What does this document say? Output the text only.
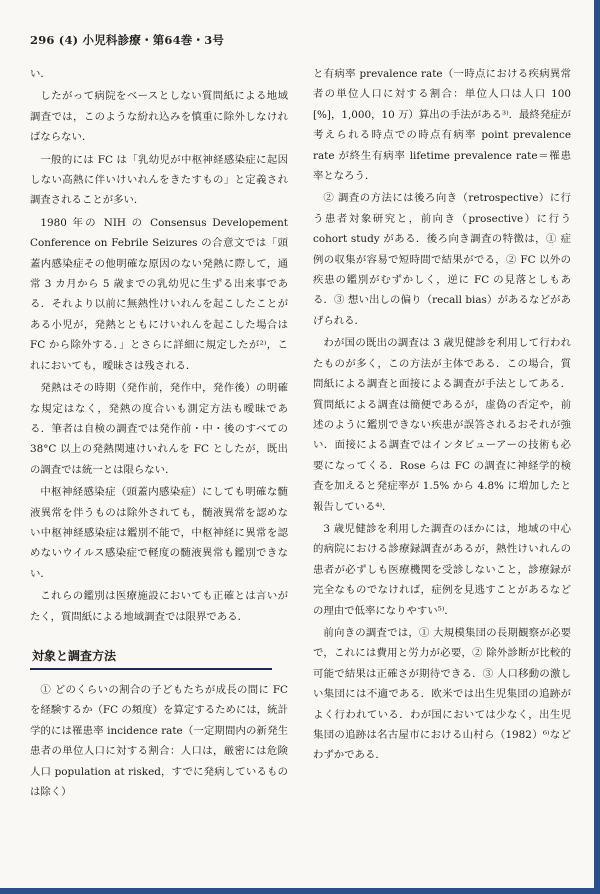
296 (4) 小児科診療・第64巻・3号

い．

したがって病院をベースとしない質問紙による地域調査では，このような紛れ込みを慎重に除外しなければならない．

一般的には FC は「乳幼児が中枢神経感染症に起因しない高熱に伴いけいれんをきたすもの」と定義され調査されることが多い．

1980 年の NIH の Consensus Developement Conference on Febrile Seizures の合意文では「頭蓋内感染症その他明確な原因のない発熱に際して，通常 3 カ月から 5 歳までの乳幼児に生ずる出来事である．それより以前に無熱性けいれんを起こしたことがある小児が，発熱とともにけいれんを起こした場合は FC から除外する．」とさらに詳細に規定したが²⁾，これにおいても，曖昧さは残される．

発熱はその時期（発作前，発作中，発作後）の明確な規定はなく，発熱の度合いも測定方法も曖昧である．筆者は自検の調査では発作前・中・後のすべての 38°C 以上の発熱関連けいれんを FC としたが，既出の調査では統一とは限らない．

中枢神経感染症（頭蓋内感染症）にしても明確な髄液異常を伴うものは除外されても，髄液異常を認めない中枢神経感染症は鑑別不能で，中枢神経に異常を認めないウイルス感染症で軽度の髄液異常も鑑別できない．

これらの鑑別は医療施設においても正確とは言いがたく，質問紙による地域調査では限界である．

対象と調査方法

① どのくらいの割合の子どもたちが成長の間に FC を経験するか（FC の頻度）を算定するためには，統計学的には罹患率 incidence rate（一定期間内の新発生患者の単位人口に対する割合：人口は，厳密には危険人口 population at risked，すでに発病しているものは除く）

と有病率 prevalence rate（一時点における疾病異常者の単位人口に対する割合：単位人口は人口 100 [%]，1,000，10 万）算出の手法がある³⁾．最終発症が考えられる時点での時点有病率 point prevalence rate が終生有病率 lifetime prevalence rate＝罹患率となろう．

② 調査の方法には後ろ向き（retrospective）に行う患者対象研究と，前向き（prosective）に行う cohort study がある．後ろ向き調査の特徴は，① 症例の収集が容易で短時間で結果がでる，② FC 以外の疾患の鑑別がむずかしく，逆に FC の見落としもある．③ 想い出しの偏り（recall bias）があるなどがあげられる．

わが国の既出の調査は 3 歳児健診を利用して行われたものが多く，この方法が主体である．この場合，質問紙による調査と面接による調査が手法としてある．質問紙による調査は簡便であるが，虚偽の否定や，前述のように鑑別できない疾患が誤答されるおそれが強い．面接による調査ではインタビューアーの技術も必要になってくる．Rose らは FC の調査に神経学的検査を加えると発症率が 1.5% から 4.8% に増加したと報告している⁴⁾．

3 歳児健診を利用した調査のほかには，地域の中心的病院における診療録調査があるが，熱性けいれんの患者が必ずしも医療機関を受診しないこと，診療録が完全なものでなければ，症例を見逃すことがあるなどの理由で低率になりやすい⁵⁾．

前向きの調査では，① 大規模集団の長期観察が必要で，これには費用と労力が必要，② 除外診断が比較的可能で結果は正確さが期待できる．③ 人口移動の激しい集団には不適である．欧米では出生児集団の追跡がよく行われている．わが国においては少なく，出生児集団の追跡は名古屋市における山村ら（1982）⁶⁾などわずかである．
